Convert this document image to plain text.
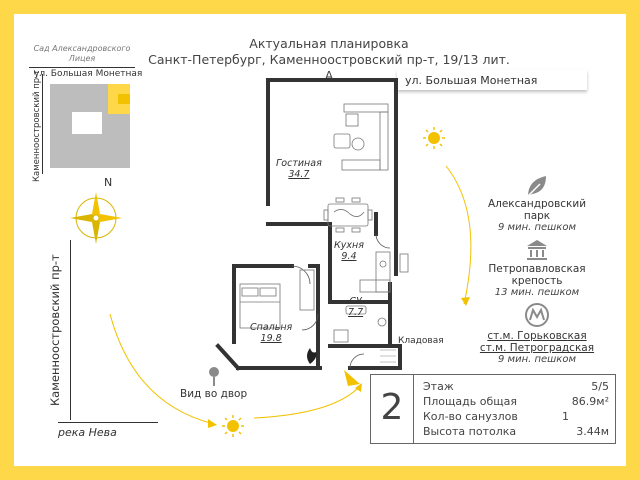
Актуальная планировка
Санкт-Петербург, Каменноостровский пр-т, 19/13 лит. А
Сад Александровского
Лицея
ул. Большая Монетная
Каменноостровский пр-т
N
Каменноостровский пр-т
река Нева
ул. Большая Монетная
Вид во двор
Гостиная
34.7
Кухня
9.4
СУ
7.7
Спальня
19.8	Кладовая
Александровский
парк
9 мин. пешком
Петропавловская
крепость
13 мин. пешком
ст.м. Горьковская
ст.м. Петроградская
9 мин. пешком
2
Этаж	5/5
Площадь общая	86.9м²
Кол-во санузлов	1
Высота потолка	3.44м
